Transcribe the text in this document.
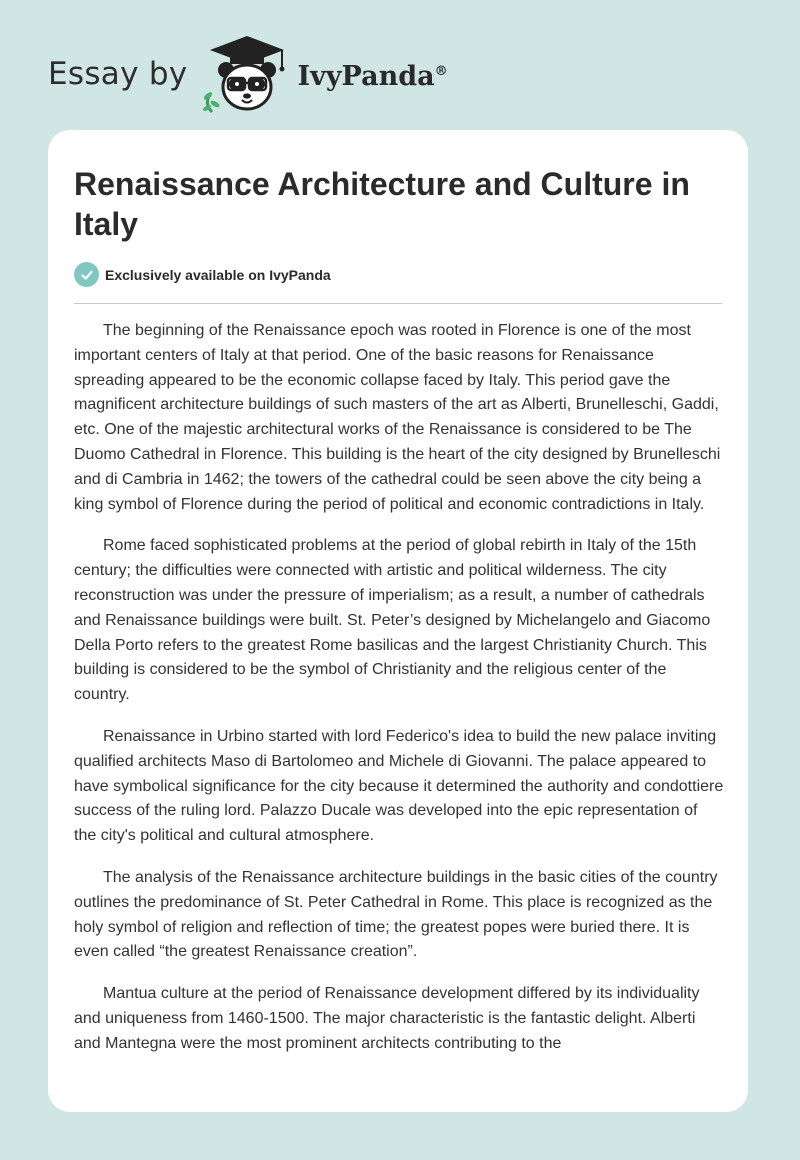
Essay by	IvyPanda®
Renaissance Architecture and Culture in Italy
Exclusively available on IvyPanda

The beginning of the Renaissance epoch was rooted in Florence is one of the most important centers of Italy at that period. One of the basic reasons for Renaissance spreading appeared to be the economic collapse faced by Italy. This period gave the magnificent architecture buildings of such masters of the art as Alberti, Brunelleschi, Gaddi, etc. One of the majestic architectural works of the Renaissance is considered to be The Duomo Cathedral in Florence. This building is the heart of the city designed by Brunelleschi and di Cambria in 1462; the towers of the cathedral could be seen above the city being a king symbol of Florence during the period of political and economic contradictions in Italy.

Rome faced sophisticated problems at the period of global rebirth in Italy of the 15th century; the difficulties were connected with artistic and political wilderness. The city reconstruction was under the pressure of imperialism; as a result, a number of cathedrals and Renaissance buildings were built. St. Peter’s designed by Michelangelo and Giacomo Della Porto refers to the greatest Rome basilicas and the largest Christianity Church. This building is considered to be the symbol of Christianity and the religious center of the country.

Renaissance in Urbino started with lord Federico's idea to build the new palace inviting qualified architects Maso di Bartolomeo and Michele di Giovanni. The palace appeared to have symbolical significance for the city because it determined the authority and condottiere success of the ruling lord. Palazzo Ducale was developed into the epic representation of the city's political and cultural atmosphere.

The analysis of the Renaissance architecture buildings in the basic cities of the country outlines the predominance of St. Peter Cathedral in Rome. This place is recognized as the holy symbol of religion and reflection of time; the greatest popes were buried there. It is even called “the greatest Renaissance creation”.

Mantua culture at the period of Renaissance development differed by its individuality and uniqueness from 1460-1500. The major characteristic is the fantastic delight. Alberti and Mantegna were the most prominent architects contributing to the
